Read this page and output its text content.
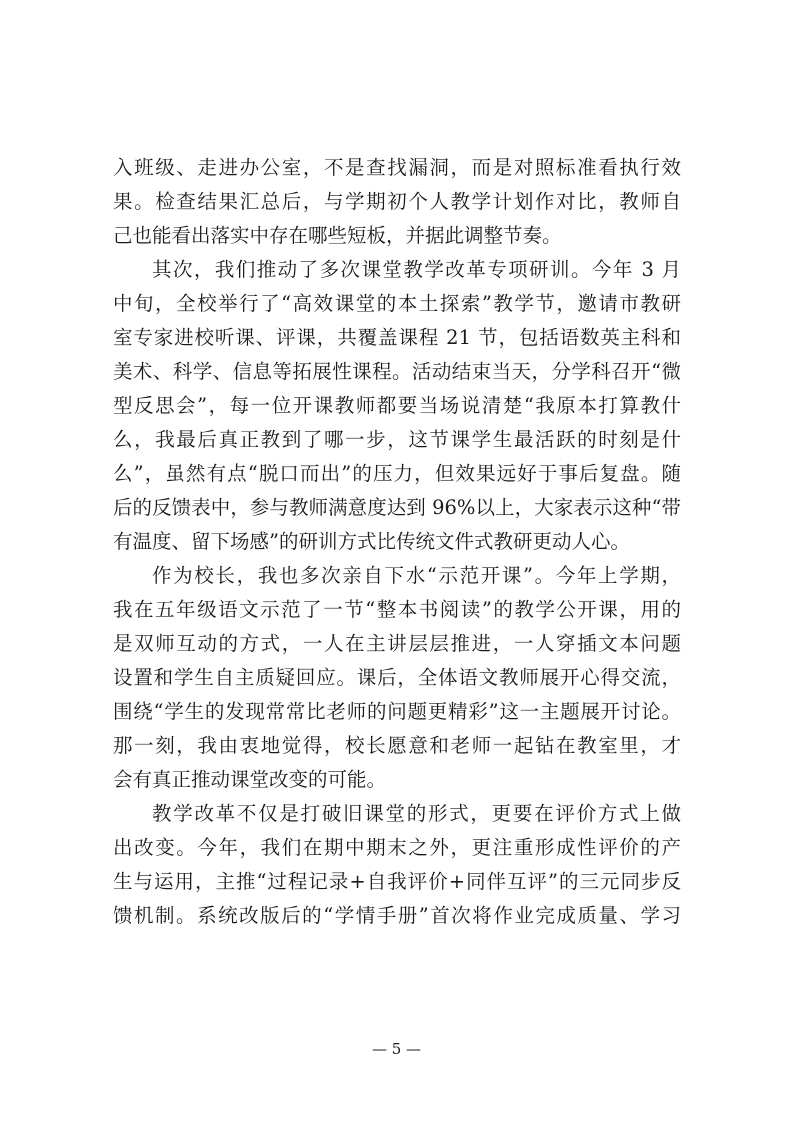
入班级、走进办公室，不是查找漏洞，而是对照标准看执行效
果。检查结果汇总后，与学期初个人教学计划作对比，教师自
己也能看出落实中存在哪些短板，并据此调整节奏。
其次，我们推动了多次课堂教学改革专项研训。今年 3 月
中旬，全校举行了“高效课堂的本土探索”教学节，邀请市教研
室专家进校听课、评课，共覆盖课程 21 节，包括语数英主科和
美术、科学、信息等拓展性课程。活动结束当天，分学科召开“微
型反思会”，每一位开课教师都要当场说清楚“我原本打算教什
么，我最后真正教到了哪一步，这节课学生最活跃的时刻是什
么”，虽然有点“脱口而出”的压力，但效果远好于事后复盘。随
后的反馈表中，参与教师满意度达到 96%以上，大家表示这种“带
有温度、留下场感”的研训方式比传统文件式教研更动人心。
作为校长，我也多次亲自下水“示范开课”。今年上学期，
我在五年级语文示范了一节“整本书阅读”的教学公开课，用的
是双师互动的方式，一人在主讲层层推进，一人穿插文本问题
设置和学生自主质疑回应。课后，全体语文教师展开心得交流，
围绕“学生的发现常常比老师的问题更精彩”这一主题展开讨论。
那一刻，我由衷地觉得，校长愿意和老师一起钻在教室里，才
会有真正推动课堂改变的可能。
教学改革不仅是打破旧课堂的形式，更要在评价方式上做
出改变。今年，我们在期中期末之外，更注重形成性评价的产
生与运用，主推“过程记录+自我评价+同伴互评”的三元同步反
馈机制。系统改版后的“学情手册”首次将作业完成质量、学习
— 5 —
